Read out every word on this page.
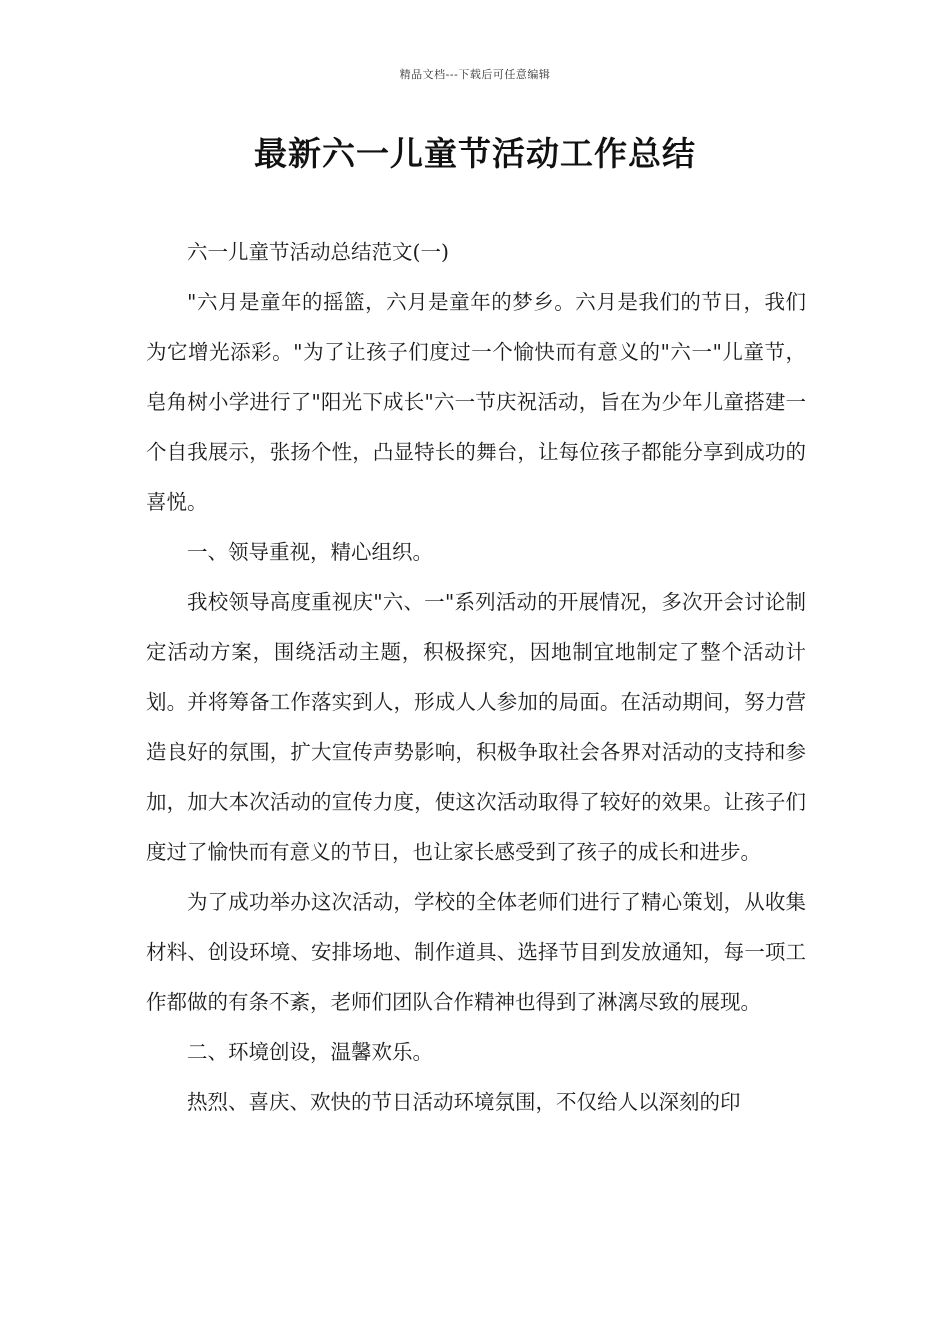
精品文档---下载后可任意编辑
最新六一儿童节活动工作总结

六一儿童节活动总结范文(一)

"六月是童年的摇篮，六月是童年的梦乡。六月是我们的节日，我们为它增光添彩。"为了让孩子们度过一个愉快而有意义的"六一"儿童节，皂角树小学进行了"阳光下成长"六一节庆祝活动，旨在为少年儿童搭建一个自我展示，张扬个性，凸显特长的舞台，让每位孩子都能分享到成功的喜悦。

一、领导重视，精心组织。

我校领导高度重视庆"六、一"系列活动的开展情况，多次开会讨论制定活动方案，围绕活动主题，积极探究，因地制宜地制定了整个活动计划。并将筹备工作落实到人，形成人人参加的局面。在活动期间，努力营造良好的氛围，扩大宣传声势影响，积极争取社会各界对活动的支持和参加，加大本次活动的宣传力度，使这次活动取得了较好的效果。让孩子们度过了愉快而有意义的节日，也让家长感受到了孩子的成长和进步。

为了成功举办这次活动，学校的全体老师们进行了精心策划，从收集材料、创设环境、安排场地、制作道具、选择节目到发放通知，每一项工作都做的有条不紊，老师们团队合作精神也得到了淋漓尽致的展现。

二、环境创设，温馨欢乐。

热烈、喜庆、欢快的节日活动环境氛围，不仅给人以深刻的印
